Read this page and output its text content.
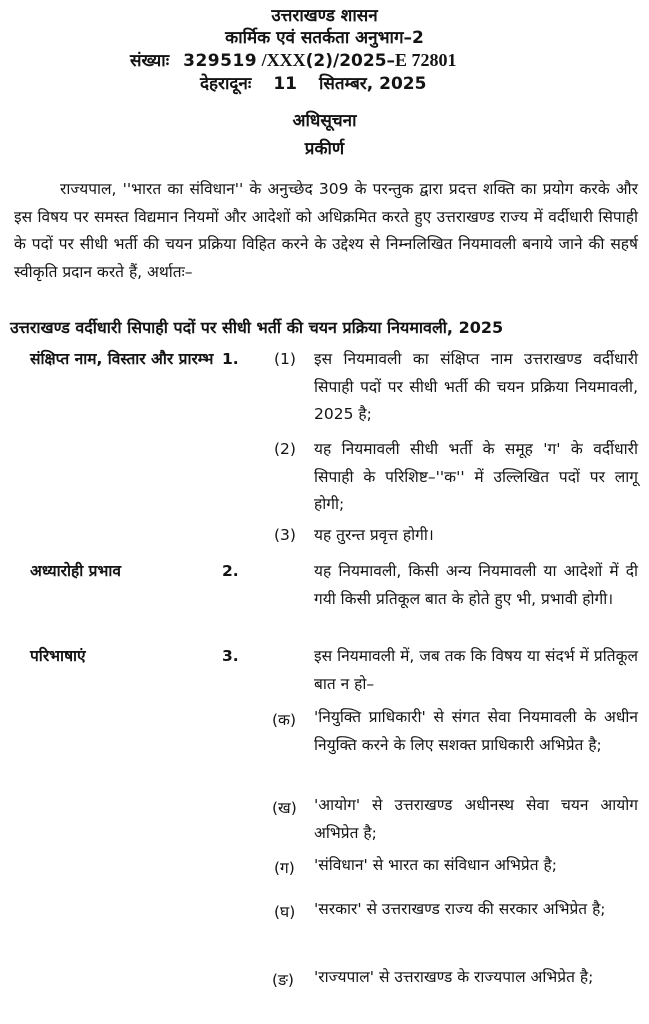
उत्तराखण्ड शासन
कार्मिक एवं सतर्कता अनुभाग–2
संख्याः 329519 /XXX(2)/2025–E 72801
देहरादूनः 11 सितम्बर, 2025
अधिसूचना
प्रकीर्ण
राज्यपाल, ''भारत का संविधान'' के अनुच्छेद 309 के परन्तुक द्वारा प्रदत्त शक्ति का प्रयोग करके और इस विषय पर समस्त विद्यमान नियमों और आदेशों को अधिक्रमित करते हुए उत्तराखण्ड राज्य में वर्दीधारी सिपाही के पदों पर सीधी भर्ती की चयन प्रक्रिया विहित करने के उद्देश्य से निम्नलिखित नियमावली बनाये जाने की सहर्ष स्वीकृति प्रदान करते हैं, अर्थातः–
उत्तराखण्ड वर्दीधारी सिपाही पदों पर सीधी भर्ती की चयन प्रक्रिया नियमावली, 2025
संक्षिप्त नाम, विस्तार और प्रारम्भ 1. (1) इस नियमावली का संक्षिप्त नाम उत्तराखण्ड वर्दीधारी सिपाही पदों पर सीधी भर्ती की चयन प्रक्रिया नियमावली, 2025 है;
(2) यह नियमावली सीधी भर्ती के समूह 'ग' के वर्दीधारी सिपाही के परिशिष्ट–''क'' में उल्लिखित पदों पर लागू होगी;
(3) यह तुरन्त प्रवृत्त होगी।
अध्यारोही प्रभाव	2.	यह नियमावली, किसी अन्य नियमावली या आदेशों में दी गयी किसी प्रतिकूल बात के होते हुए भी, प्रभावी होगी।
परिभाषाएं	3.	इस नियमावली में, जब तक कि विषय या संदर्भ में प्रतिकूल बात न हो–
(क) 'नियुक्ति प्राधिकारी' से संगत सेवा नियमावली के अधीन नियुक्ति करने के लिए सशक्त प्राधिकारी अभिप्रेत है;
(ख) 'आयोग' से उत्तराखण्ड अधीनस्थ सेवा चयन आयोग अभिप्रेत है;
(ग) 'संविधान' से भारत का संविधान अभिप्रेत है;
(घ) 'सरकार' से उत्तराखण्ड राज्य की सरकार अभिप्रेत है;
(ङ) 'राज्यपाल' से उत्तराखण्ड के राज्यपाल अभिप्रेत है;
